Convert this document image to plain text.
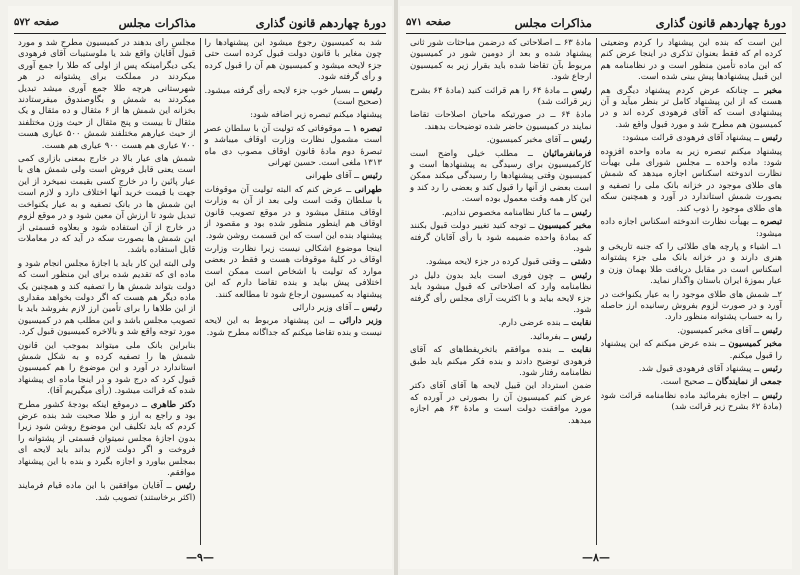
دورهٔ چهاردهم قانون گذاری
مذاکرات مجلس
صفحه ۵۷۲
شد به کمیسیون رجوع میشود این پیشنهادها را چون مغایر با قانون دولت قبول کرده است حتی جزء لایحه میشود و کمیسیون هم آن را قبول کرده و رأی گرفته شود.
رئیس ــ بسیار خوب جزء لایحه رأی گرفته میشود. (صحیح است)
پیشنهاد میکنم تبصره زیر اضافه شود:
تبصره ۱ ــ موقوفاتی که تولیت آن با سلطان عصر است مشمول نظارت وزارت اوقاف میباشد و تبصرهٔ دوم مادهٔ قانون اوقاف مصوب دی ماه ۱۳۱۳ ملغی است. حسین تهرانی
رئیس ــ آقای طهرانی
طهرانی ــ عرض کنم که البته تولیت آن موقوفات با سلطان وقت است ولی بعد از آن به وزارت اوقاف منتقل میشود و در موقع تصویب قانون اوقاف هم اینطور منظور شده بود و مقصود از پیشنهاد بنده این است که این قسمت روشن شود.
اینجا موضوع اشکالی نیست زیرا نظارت وزارت اوقاف در کلیهٔ موقوفات هست و فقط در بعضی موارد که تولیت با اشخاص است ممکن است اختلافی پیش بیاید و بنده تقاضا دارم که این پیشنهاد به کمیسیون ارجاع شود تا مطالعه کنند.
رئیس ــ آقای وزیر دارائی
وزیر دارائی ــ این پیشنهاد مربوط به این لایحه نیست و بنده تقاضا میکنم که جداگانه مطرح شود.
مجلس رأی بدهند در کمیسیون مطرح شد و مورد قبول آقایان واقع شد یا ملوستیبات آقای فرهودی یکی دیگرامینکه پس از اولی که طلا را جمع آوری میکردند در مملکت برای پشتوانه در هر شهرستانی هرچه طلا جمع آوری میشد تبدیل میکردند به شمش و بگاوصندوق میفرستادند بخزانه این شمش ها از ۶ مثقال و ده مثقال و یک مثقال تا بیست و پنج مثقال از حیث وزن مختلفند از حیث عیارهم مختلفند شمش ۵۰۰ عیاری هست ۷۰۰ عیاری هم هست ۹۰۰ عیاری هم هست.
شمش های عیار بالا در خارج بمعنی بازاری کمی است یعنی قابل فروش است ولی شمش های با عیار پائین را در خارج کسی بقیمت نمیخرد از این جهت با قیمت خرید آنها اختلاف دارد و لازم است این شمش ها در بانک تصفیه و به عیار یکنواخت تبدیل شود تا ارزش آن معین شود و در موقع لزوم در خارج از آن استفاده شود و بعلاوه قسمتی از این شمش ها بصورت سکه در آید که در معاملات قابل استفاده باشد.
ولی البته این کار باید با اجازهٔ مجلس انجام شود و ماده ای که تقدیم شده برای این منظور است که دولت بتواند شمش ها را تصفیه کند و همچنین یک ماده دیگر هم هست که اگر دولت بخواهد مقداری از این طلاها را برای تأمین ارز لازم بفروشد باید با تصویب مجلس باشد و این مطلب هم در کمیسیون مورد توجه واقع شد و بالاخره کمیسیون قبول کرد.
بنابراین بانک ملی میتواند بموجب این قانون شمش ها را تصفیه کرده و به شکل شمش استاندارد در آورد و این موضوع را هم کمیسیون قبول کرد که درج شود و در اینجا ماده ای پیشنهاد شده که قرائت میشود. (رأی میگیریم آقا).
دکتر طاهری ــ درموقع اینکه بودجهٔ کشور مطرح بود و راجع به ارز و طلا صحبت شد بنده عرض کردم که باید تکلیف این موضوع روشن شود زیرا بدون اجازهٔ مجلس نمیتوان قسمتی از پشتوانه را فروخت و اگر دولت لازم بداند باید لایحه ای بمجلس بیاورد و اجازه بگیرد و بنده با این پیشنهاد موافقم.
رئیس ــ آقایان موافقین با این ماده قیام فرمایند (اکثر برخاستند) تصویب شد.
—۹—
دورهٔ چهاردهم قانون گذاری
مذاکرات مجلس
صفحه ۵۷۱
این است که بنده این پیشنهاد را کردم وضعیتی کرده ام که فقط بعنوان تذکری در اینجا عرض کنم که این ماده تأمین منظور است و در نظامنامه هم این قبیل پیشنهادها پیش بینی شده است.
مخبر ــ چنانکه عرض کردم پیشنهاد دیگری هم هست که از این پیشنهاد کامل تر بنظر میآید و آن پیشنهادی است که آقای فرهودی کرده اند و در کمیسیون هم مطرح شد و مورد قبول واقع شد.
رئیس ــ پیشنهاد آقای فرهودی قرائت میشود:
پیشنهاد میکنم تبصره زیر به ماده واحده افزوده شود: ماده واحده ــ مجلس شورای ملی بهیأت نظارت اندوخته اسکناس اجازه میدهد که شمش های طلای موجود در خزانه بانک ملی را تصفیه و بصورت شمش استاندارد در آورد و همچنین سکه های طلای موجود را ذوب کند.
تبصره ــ بهیأت نظارت اندوخته اسکناس اجازه داده میشود:
۱ــ اشیاء و پارچه های طلائی را که جنبه تاریخی و هنری دارند و در خزانه بانک ملی جزء پشتوانه اسکناس است در مقابل دریافت طلا بهمان وزن و عیار بموزهٔ ایران باستان واگذار نماید.
۲ــ شمش های طلای موجود را به عیار یکنواخت در آورد و در صورت لزوم بفروش رسانیده ارز حاصله را به حساب پشتوانه منظور دارد.
رئیس ــ آقای مخبر کمیسیون.
مخبر کمیسیون ــ بنده عرض میکنم که این پیشنهاد را قبول میکنم.
رئیس ــ پیشنهاد آقای فرهودی قبول شد.
جمعی از نمایندگان ــ صحیح است.
رئیس ــ اجازه بفرمائید ماده نظامنامه قرائت شود (مادهٔ ۶۲ بشرح زیر قرائت شد)
مادهٔ ۶۳ ــ اصلاحاتی که درضمن مباحثات شور ثانی پیشنهاد شده و بعد از دومین شور در کمیسیون مربوط بآن تقاضا شده باید بقرار زیر به کمیسیون ارجاع شود.
رئیس ــ مادهٔ ۶۴ را هم قرائت کنید (مادهٔ ۶۴ بشرح زیر قرائت شد)
مادهٔ ۶۴ ــ در صورتیکه ماحیان اصلاحات تقاضا نمایند در کمیسیون حاضر شده توضیحات بدهند.
رئیس ــ آقای مخبر کمیسیون.
فرمانفرمائیان ــ مطلب خیلی واضح است کارکمیسیون برای رسیدگی به پیشنهادها است و کمیسیون وقتی پیشنهادها را رسیدگی میکند ممکن است بعضی از آنها را قبول کند و بعضی را رد کند و این کار همه وقت معمول بوده است.
رئیس ــ ما کنار نظامنامه مخصوص ندادیم.
مخبر کمیسیون ــ توجه کنید تغییر دولت قبول بکنند که بمادهٔ واحده ضمیمه شود با رأی آقایان گرفته شود.
دشتی ــ وقتی قبول کرده در جزء لایحه میشود.
رئیس ــ چون فوری است باید بدون دلیل در نظامنامه وارد که اصلاحاتی که قبول میشود باید جزء لایحه بیاید و با اکثریت آرای مجلس رأی گرفته شود.
نقابت ــ بنده عرضی دارم.
رئیس ــ بفرمائید.
نقابت ــ بنده موافقم باتخریفطاهای که آقای فرهودی توضیح دادند و بنده فکر میکنم باید طبق نظامنامه رفتار شود.
ضمن استرداد این قبیل لایحه ها آقای آقای دکتر عرض کنم کمیسیون آن را بصورتی در آورده که مورد موافقت دولت است و مادهٔ ۶۳ هم اجازه میدهد.
—۸—
